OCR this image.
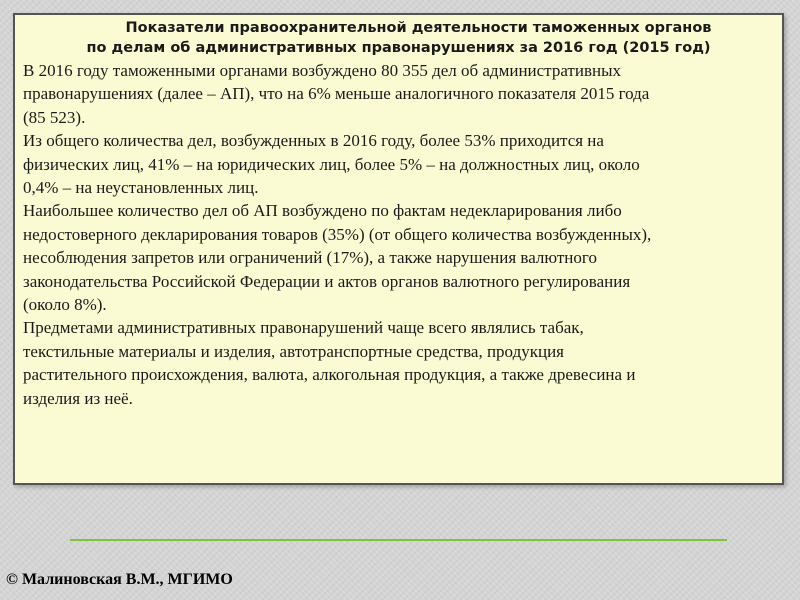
Показатели правоохранительной деятельности таможенных органов
по делам об административных правонарушениях за 2016 год (2015 год)

В 2016 году таможенными органами возбуждено 80 355 дел об административных

правонарушениях (далее – АП), что на 6% меньше аналогичного показателя 2015 года

(85 523).

Из общего количества дел, возбужденных в 2016 году, более 53% приходится на

физических лиц, 41% – на юридических лиц, более 5% – на должностных лиц, около

0,4% – на неустановленных лиц.

Наибольшее количество дел об АП возбуждено по фактам недекларирования либо

недостоверного декларирования товаров (35%) (от общего количества возбужденных),

несоблюдения запретов или ограничений (17%), а также нарушения валютного

законодательства Российской Федерации и актов органов валютного регулирования

(около 8%).

Предметами административных правонарушений чаще всего являлись табак,

текстильные материалы и изделия, автотранспортные средства, продукция

растительного происхождения, валюта, алкогольная продукция, а также древесина и

изделия из неё.

© Малиновская В.М., МГИМО
